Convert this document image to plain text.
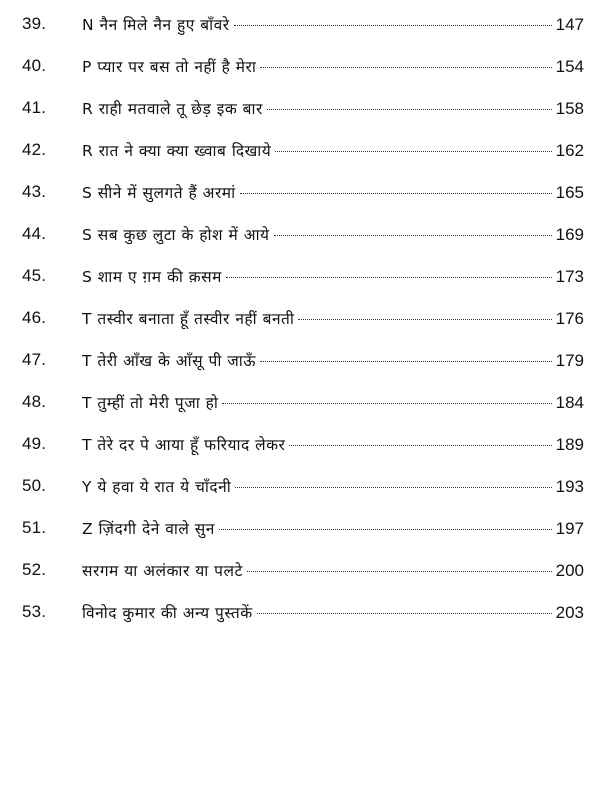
39.	N नैन मिले नैन हुए बाँवरे	147
40.	P प्यार पर बस तो नहीं है मेरा	154
41.	R राही मतवाले तू छेड़ इक बार	158
42.	R रात ने क्या क्या ख्वाब दिखाये	162
43.	S सीने में सुलगते हैं अरमां	165
44.	S सब कुछ लुटा के होश में आये	169
45.	S शाम ए ग़म की क़सम	173
46.	T तस्वीर बनाता हूँ तस्वीर नहीं बनती	176
47.	T तेरी आँख के आँसू पी जाऊँ	179
48.	T तुम्हीं तो मेरी पूजा हो	184
49.	T तेरे दर पे आया हूँ फरियाद लेकर	189
50.	Y ये हवा ये रात ये चाँदनी	193
51.	Z ज़िंदगी देने वाले सुन	197
52.	सरगम या अलंकार या पलटे	200
53.	विनोद कुमार की अन्य पुस्तकें	203
